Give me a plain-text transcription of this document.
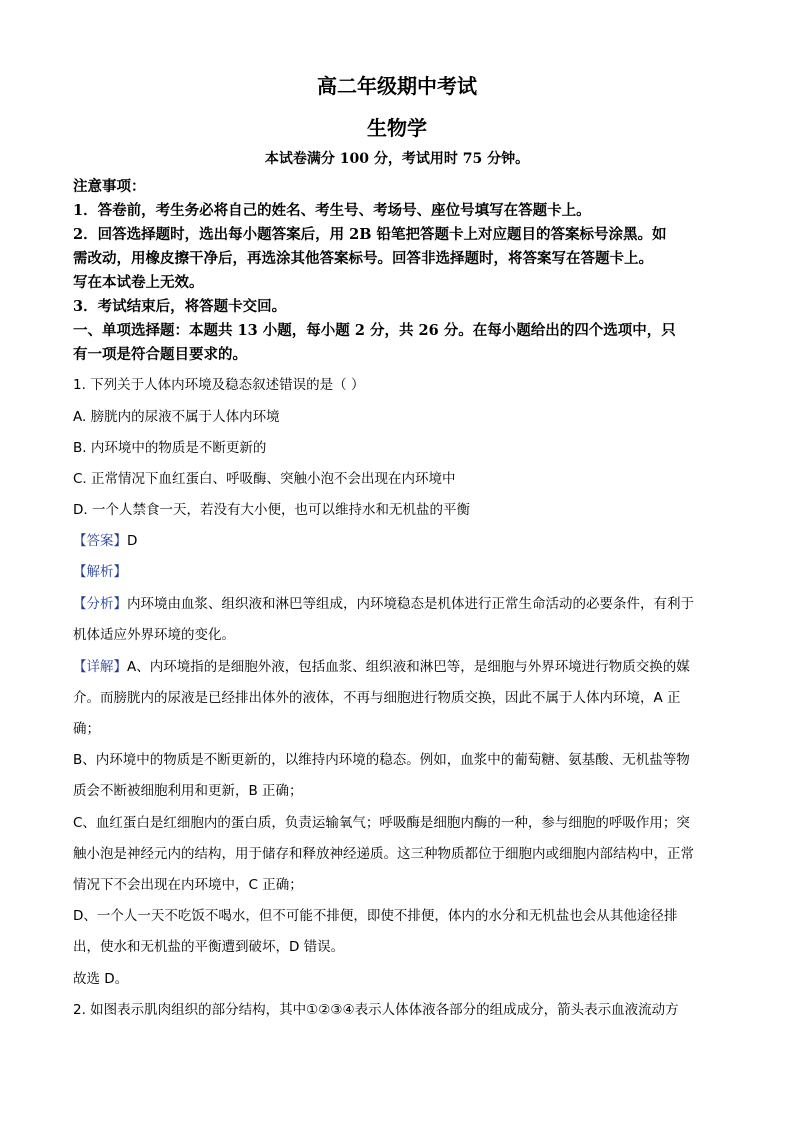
高二年级期中考试
生物学
本试卷满分 100 分，考试用时 75 分钟。
注意事项：
1．答卷前，考生务必将自己的姓名、考生号、考场号、座位号填写在答题卡上。
2．回答选择题时，选出每小题答案后，用 2B 铅笔把答题卡上对应题目的答案标号涂黑。如
需改动，用橡皮擦干净后，再选涂其他答案标号。回答非选择题时，将答案写在答题卡上。
写在本试卷上无效。
3．考试结束后，将答题卡交回。
一、单项选择题：本题共 13 小题，每小题 2 分，共 26 分。在每小题给出的四个选项中，只
有一项是符合题目要求的。
1. 下列关于人体内环境及稳态叙述错误的是（ ）
A. 膀胱内的尿液不属于人体内环境
B. 内环境中的物质是不断更新的
C. 正常情况下血红蛋白、呼吸酶、突触小泡不会出现在内环境中
D. 一个人禁食一天，若没有大小便，也可以维持水和无机盐的平衡
【答案】D
【解析】
【分析】内环境由血浆、组织液和淋巴等组成，内环境稳态是机体进行正常生命活动的必要条件，有利于
机体适应外界环境的变化。
【详解】A、内环境指的是细胞外液，包括血浆、组织液和淋巴等，是细胞与外界环境进行物质交换的媒
介。而膀胱内的尿液是已经排出体外的液体，不再与细胞进行物质交换，因此不属于人体内环境，A 正
确；
B、内环境中的物质是不断更新的，以维持内环境的稳态。例如，血浆中的葡萄糖、氨基酸、无机盐等物
质会不断被细胞利用和更新，B 正确；
C、血红蛋白是红细胞内的蛋白质，负责运输氧气；呼吸酶是细胞内酶的一种，参与细胞的呼吸作用；突
触小泡是神经元内的结构，用于储存和释放神经递质。这三种物质都位于细胞内或细胞内部结构中，正常
情况下不会出现在内环境中，C 正确；
D、一个人一天不吃饭不喝水，但不可能不排便，即使不排便，体内的水分和无机盐也会从其他途径排
出，使水和无机盐的平衡遭到破坏，D 错误。
故选 D。
2. 如图表示肌肉组织的部分结构，其中①②③④表示人体体液各部分的组成成分，箭头表示血液流动方
